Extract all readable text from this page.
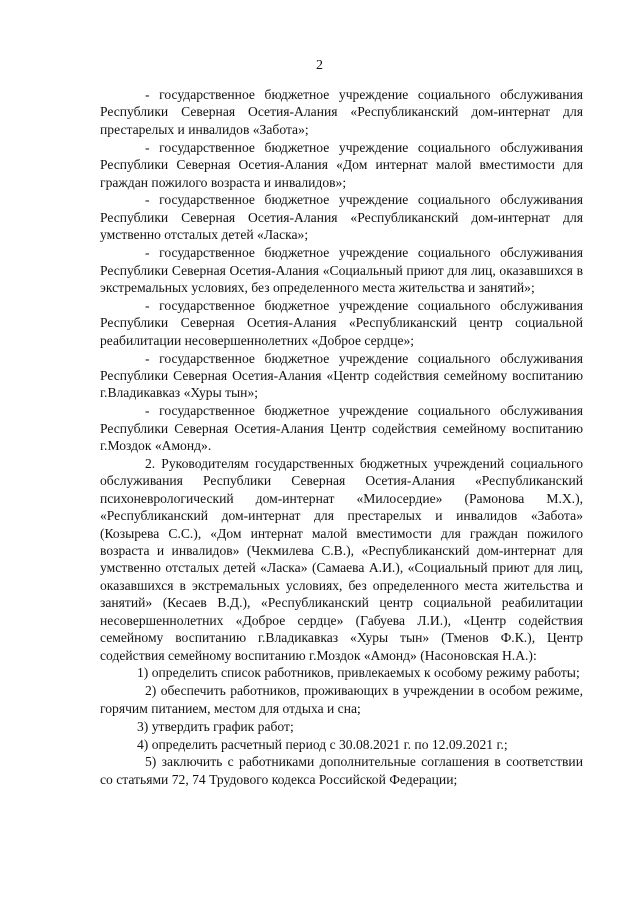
2

- государственное бюджетное учреждение социального обслуживания Республики Северная Осетия-Алания «Республиканский дом-интернат для престарелых и инвалидов «Забота»;

- государственное бюджетное учреждение социального обслуживания Республики Северная Осетия-Алания «Дом интернат малой вместимости для граждан пожилого возраста и инвалидов»;

- государственное бюджетное учреждение социального обслуживания Республики Северная Осетия-Алания «Республиканский дом-интернат для умственно отсталых детей «Ласка»;

- государственное бюджетное учреждение социального обслуживания Республики Северная Осетия-Алания «Социальный приют для лиц, оказавшихся в экстремальных условиях, без определенного места жительства и занятий»;

- государственное бюджетное учреждение социального обслуживания Республики Северная Осетия-Алания «Республиканский центр социальной реабилитации несовершеннолетних «Доброе сердце»;

- государственное бюджетное учреждение социального обслуживания Республики Северная Осетия-Алания «Центр содействия семейному воспитанию г.Владикавказ «Хуры тын»;

- государственное бюджетное учреждение социального обслуживания Республики Северная Осетия-Алания Центр содействия семейному воспитанию г.Моздок «Амонд».

2. Руководителям государственных бюджетных учреждений социального обслуживания Республики Северная Осетия-Алания «Республиканский психоневрологический дом-интернат «Милосердие» (Рамонова М.Х.), «Республиканский дом-интернат для престарелых и инвалидов «Забота» (Козырева С.С.), «Дом интернат малой вместимости для граждан пожилого возраста и инвалидов» (Чекмилева С.В.), «Республиканский дом-интернат для умственно отсталых детей «Ласка» (Самаева А.И.), «Социальный приют для лиц, оказавшихся в экстремальных условиях, без определенного места жительства и занятий» (Кесаев В.Д.), «Республиканский центр социальной реабилитации несовершеннолетних «Доброе сердце» (Габуева Л.И.), «Центр содействия семейному воспитанию г.Владикавказ «Хуры тын» (Тменов Ф.К.), Центр содействия семейному воспитанию г.Моздок «Амонд» (Насоновская Н.А.):

1) определить список работников, привлекаемых к особому режиму работы;

2) обеспечить работников, проживающих в учреждении в особом режиме, горячим питанием, местом для отдыха и сна;

3) утвердить график работ;

4) определить расчетный период с 30.08.2021 г. по 12.09.2021 г.;

5) заключить с работниками дополнительные соглашения в соответствии со статьями 72, 74 Трудового кодекса Российской Федерации;
